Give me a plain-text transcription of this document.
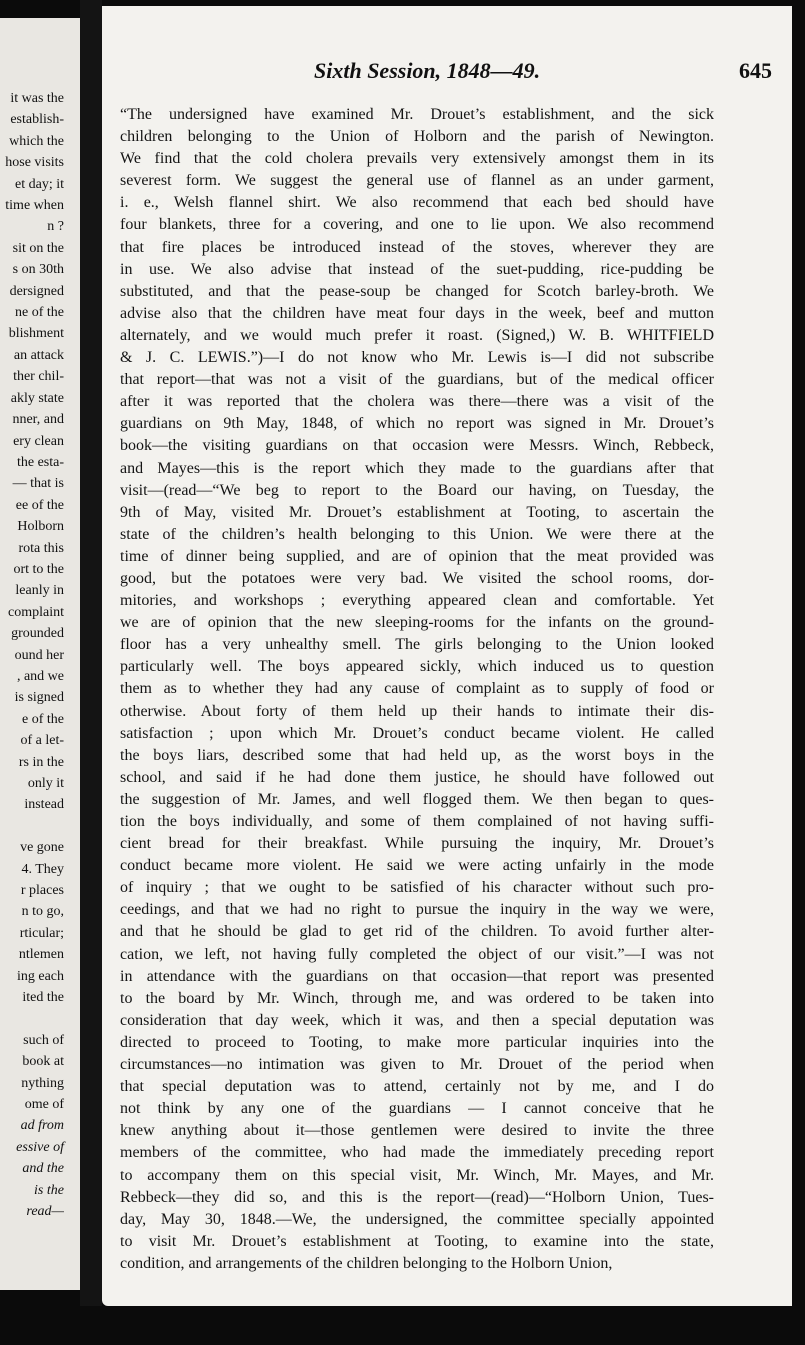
it was the
establish-
which the
hose visits
et day; it
time when
n ?
sit on the
s on 30th
dersigned
ne of the
blishment
an attack
ther chil-
akly state
nner, and
ery clean
the esta-
— that is
ee of the
Holborn
rota this
ort to the
leanly in
complaint
grounded
ound her
, and we
is signed
e of the
of a let-
rs in the
only it
instead
ve gone
4. They
r places
n to go,
rticular;
ntlemen
ing each
ited the
such of
book at
nything
ome of
ad from
essive of
and the
is the
read—
Sixth Session, 1848—49.	645
“The undersigned have examined Mr. Drouet’s establishment, and the sick
children belonging to the Union of Holborn and the parish of Newington.
We find that the cold cholera prevails very extensively amongst them in its
severest form. We suggest the general use of flannel as an under garment,
i. e., Welsh flannel shirt. We also recommend that each bed should have
four blankets, three for a covering, and one to lie upon. We also recommend
that fire places be introduced instead of the stoves, wherever they are
in use. We also advise that instead of the suet-pudding, rice-pudding be
substituted, and that the pease-soup be changed for Scotch barley-broth. We
advise also that the children have meat four days in the week, beef and mutton
alternately, and we would much prefer it roast. (Signed,) W. B. WHITFIELD
& J. C. LEWIS.”)—I do not know who Mr. Lewis is—I did not subscribe
that report—that was not a visit of the guardians, but of the medical officer
after it was reported that the cholera was there—there was a visit of the
guardians on 9th May, 1848, of which no report was signed in Mr. Drouet’s
book—the visiting guardians on that occasion were Messrs. Winch, Rebbeck,
and Mayes—this is the report which they made to the guardians after that
visit—(read—“We beg to report to the Board our having, on Tuesday, the
9th of May, visited Mr. Drouet’s establishment at Tooting, to ascertain the
state of the children’s health belonging to this Union. We were there at the
time of dinner being supplied, and are of opinion that the meat provided was
good, but the potatoes were very bad. We visited the school rooms, dor-
mitories, and workshops ; everything appeared clean and comfortable. Yet
we are of opinion that the new sleeping-rooms for the infants on the ground-
floor has a very unhealthy smell. The girls belonging to the Union looked
particularly well. The boys appeared sickly, which induced us to question
them as to whether they had any cause of complaint as to supply of food or
otherwise. About forty of them held up their hands to intimate their dis-
satisfaction ; upon which Mr. Drouet’s conduct became violent. He called
the boys liars, described some that had held up, as the worst boys in the
school, and said if he had done them justice, he should have followed out
the suggestion of Mr. James, and well flogged them. We then began to ques-
tion the boys individually, and some of them complained of not having suffi-
cient bread for their breakfast. While pursuing the inquiry, Mr. Drouet’s
conduct became more violent. He said we were acting unfairly in the mode
of inquiry ; that we ought to be satisfied of his character without such pro-
ceedings, and that we had no right to pursue the inquiry in the way we were,
and that he should be glad to get rid of the children. To avoid further alter-
cation, we left, not having fully completed the object of our visit.”—I was not
in attendance with the guardians on that occasion—that report was presented
to the board by Mr. Winch, through me, and was ordered to be taken into
consideration that day week, which it was, and then a special deputation was
directed to proceed to Tooting, to make more particular inquiries into the
circumstances—no intimation was given to Mr. Drouet of the period when
that special deputation was to attend, certainly not by me, and I do
not think by any one of the guardians — I cannot conceive that he
knew anything about it—those gentlemen were desired to invite the three
members of the committee, who had made the immediately preceding report
to accompany them on this special visit, Mr. Winch, Mr. Mayes, and Mr.
Rebbeck—they did so, and this is the report—(read)—“Holborn Union, Tues-
day, May 30, 1848.—We, the undersigned, the committee specially appointed
to visit Mr. Drouet’s establishment at Tooting, to examine into the state,
condition, and arrangements of the children belonging to the Holborn Union,
